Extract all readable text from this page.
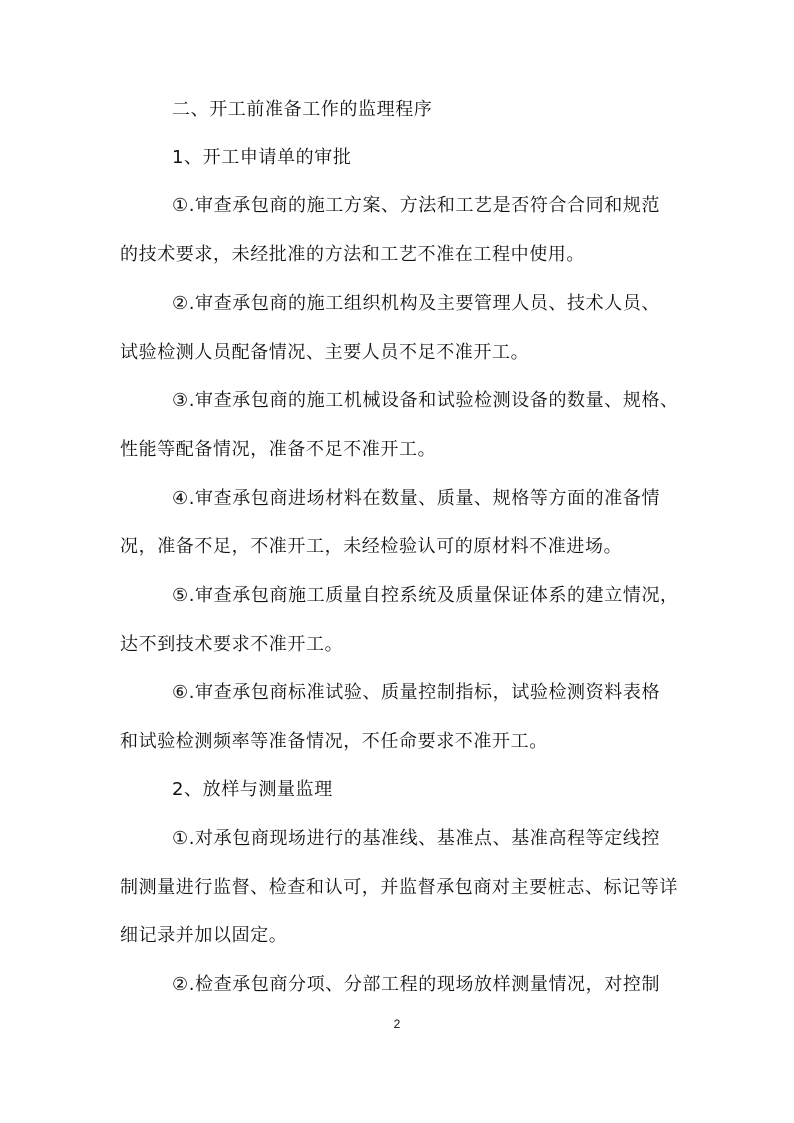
二、开工前准备工作的监理程序
1、开工申请单的审批
①.审查承包商的施工方案、方法和工艺是否符合合同和规范
的技术要求，未经批准的方法和工艺不准在工程中使用。
②.审查承包商的施工组织机构及主要管理人员、技术人员、
试验检测人员配备情况、主要人员不足不准开工。
③.审查承包商的施工机械设备和试验检测设备的数量、规格、
性能等配备情况，准备不足不准开工。
④.审查承包商进场材料在数量、质量、规格等方面的准备情
况，准备不足，不准开工，未经检验认可的原材料不准进场。
⑤.审查承包商施工质量自控系统及质量保证体系的建立情况，
达不到技术要求不准开工。
⑥.审查承包商标准试验、质量控制指标，试验检测资料表格
和试验检测频率等准备情况，不任命要求不准开工。
2、放样与测量监理
①.对承包商现场进行的基准线、基准点、基准高程等定线控
制测量进行监督、检查和认可，并监督承包商对主要桩志、标记等详
细记录并加以固定。
②.检查承包商分项、分部工程的现场放样测量情况，对控制
2
